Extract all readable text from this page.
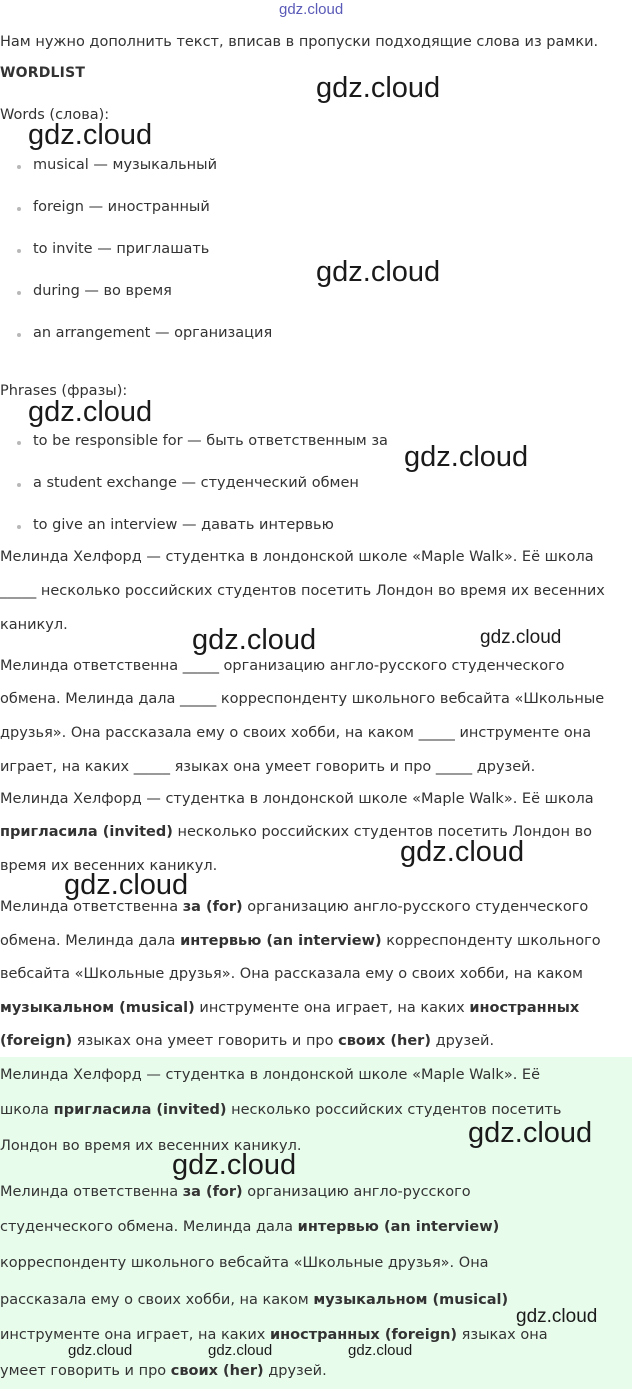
gdz.cloud
gdz.cloud
gdz.cloud
gdz.cloud
gdz.cloud
gdz.cloud
gdz.cloud	gdz.cloud
gdz.cloud
gdz.cloud
gdz.cloud
gdz.cloud
gdz.cloud
gdz.cloud	gdz.cloud	gdz.cloud
Нам нужно дополнить текст, вписав в пропуски подходящие слова из рамки.
WORDLIST
Words (слова):
musical — музыкальный
foreign — иностранный
to invite — приглашать
during — во время
an arrangement — организация
Phrases (фразы):
to be responsible for — быть ответственным за
a student exchange — студенческий обмен
to give an interview — давать интервью
Мелинда Хелфорд — студентка в лондонской школе «Maple Walk». Её школа
_____ несколько российских студентов посетить Лондон во время их весенних
каникул.
Мелинда ответственна _____ организацию англо-русского студенческого
обмена. Мелинда дала _____ корреспонденту школьного вебсайта «Школьные
друзья». Она рассказала ему о своих хобби, на каком _____ инструменте она
играет, на каких _____ языках она умеет говорить и про _____ друзей.
Мелинда Хелфорд — студентка в лондонской школе «Maple Walk». Её школа
пригласила (invited) несколько российских студентов посетить Лондон во
время их весенних каникул.
Мелинда ответственна за (for) организацию англо-русского студенческого
обмена. Мелинда дала интервью (an interview) корреспонденту школьного
вебсайта «Школьные друзья». Она рассказала ему о своих хобби, на каком
музыкальном (musical) инструменте она играет, на каких иностранных
(foreign) языках она умеет говорить и про своих (her) друзей.
Мелинда Хелфорд — студентка в лондонской школе «Maple Walk». Её
школа пригласила (invited) несколько российских студентов посетить
Лондон во время их весенних каникул.
Мелинда ответственна за (for) организацию англо-русского
студенческого обмена. Мелинда дала интервью (an interview)
корреспонденту школьного вебсайта «Школьные друзья». Она
рассказала ему о своих хобби, на каком музыкальном (musical)
инструменте она играет, на каких иностранных (foreign) языках она
умеет говорить и про своих (her) друзей.
